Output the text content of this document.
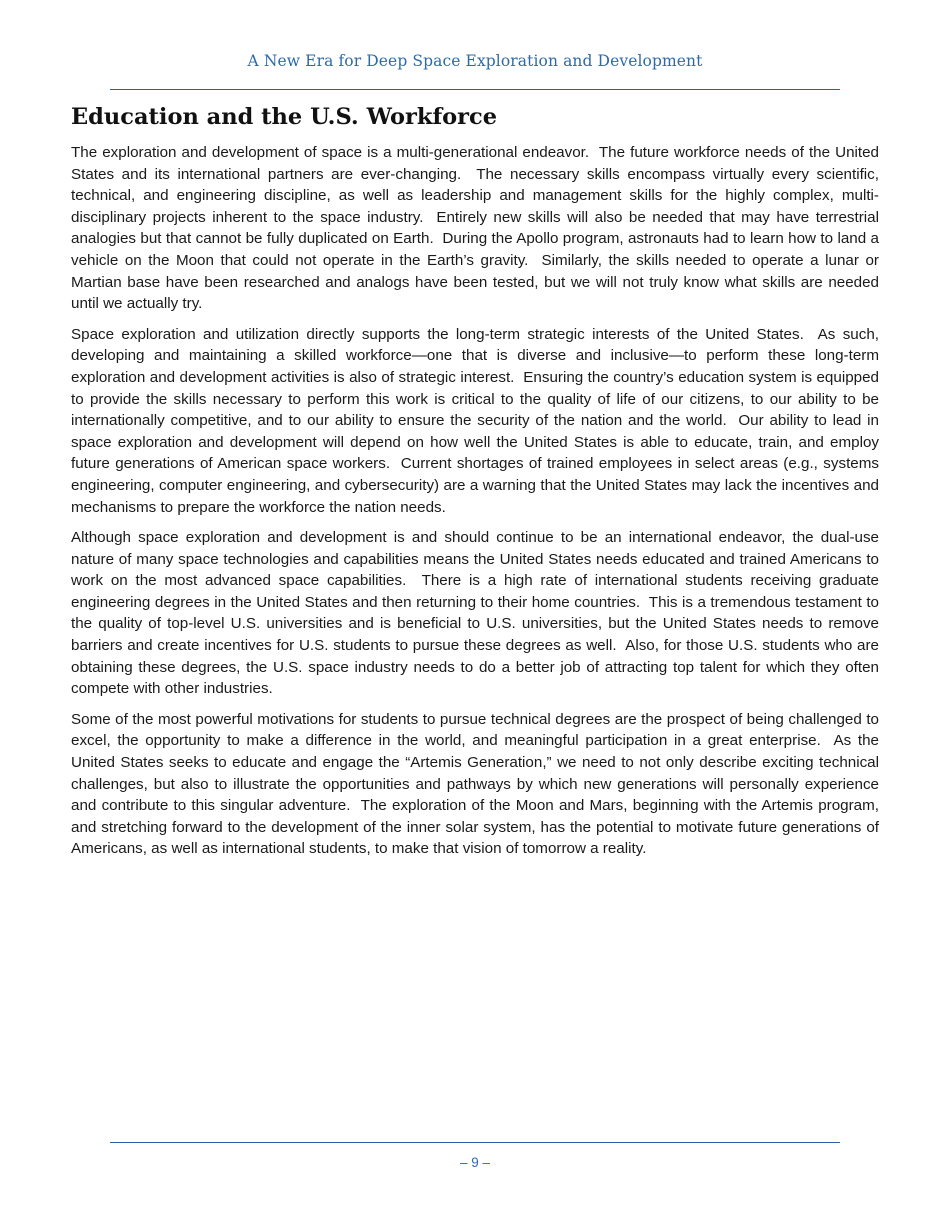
A New Era for Deep Space Exploration and Development
Education and the U.S. Workforce

The exploration and development of space is a multi-generational endeavor.  The future workforce needs of the United States and its international partners are ever-changing.  The necessary skills encompass virtually every scientific, technical, and engineering discipline, as well as leadership and management skills for the highly complex, multi-disciplinary projects inherent to the space industry.  Entirely new skills will also be needed that may have terrestrial analogies but that cannot be fully duplicated on Earth.  During the Apollo program, astronauts had to learn how to land a vehicle on the Moon that could not operate in the Earth’s gravity.  Similarly, the skills needed to operate a lunar or Martian base have been researched and analogs have been tested, but we will not truly know what skills are needed until we actually try.

Space exploration and utilization directly supports the long-term strategic interests of the United States.  As such, developing and maintaining a skilled workforce—one that is diverse and inclusive—to perform these long-term exploration and development activities is also of strategic interest.  Ensuring the country’s education system is equipped to provide the skills necessary to perform this work is critical to the quality of life of our citizens, to our ability to be internationally competitive, and to our ability to ensure the security of the nation and the world.  Our ability to lead in space exploration and development will depend on how well the United States is able to educate, train, and employ future generations of American space workers.  Current shortages of trained employees in select areas (e.g., systems engineering, computer engineering, and cybersecurity) are a warning that the United States may lack the incentives and mechanisms to prepare the workforce the nation needs.

Although space exploration and development is and should continue to be an international endeavor, the dual-use nature of many space technologies and capabilities means the United States needs educated and trained Americans to work on the most advanced space capabilities.  There is a high rate of international students receiving graduate engineering degrees in the United States and then returning to their home countries.  This is a tremendous testament to the quality of top-level U.S. universities and is beneficial to U.S. universities, but the United States needs to remove barriers and create incentives for U.S. students to pursue these degrees as well.  Also, for those U.S. students who are obtaining these degrees, the U.S. space industry needs to do a better job of attracting top talent for which they often compete with other industries.

Some of the most powerful motivations for students to pursue technical degrees are the prospect of being challenged to excel, the opportunity to make a difference in the world, and meaningful participation in a great enterprise.  As the United States seeks to educate and engage the “Artemis Generation,” we need to not only describe exciting technical challenges, but also to illustrate the opportunities and pathways by which new generations will personally experience and contribute to this singular adventure.  The exploration of the Moon and Mars, beginning with the Artemis program, and stretching forward to the development of the inner solar system, has the potential to motivate future generations of Americans, as well as international students, to make that vision of tomorrow a reality.

– 9 –
